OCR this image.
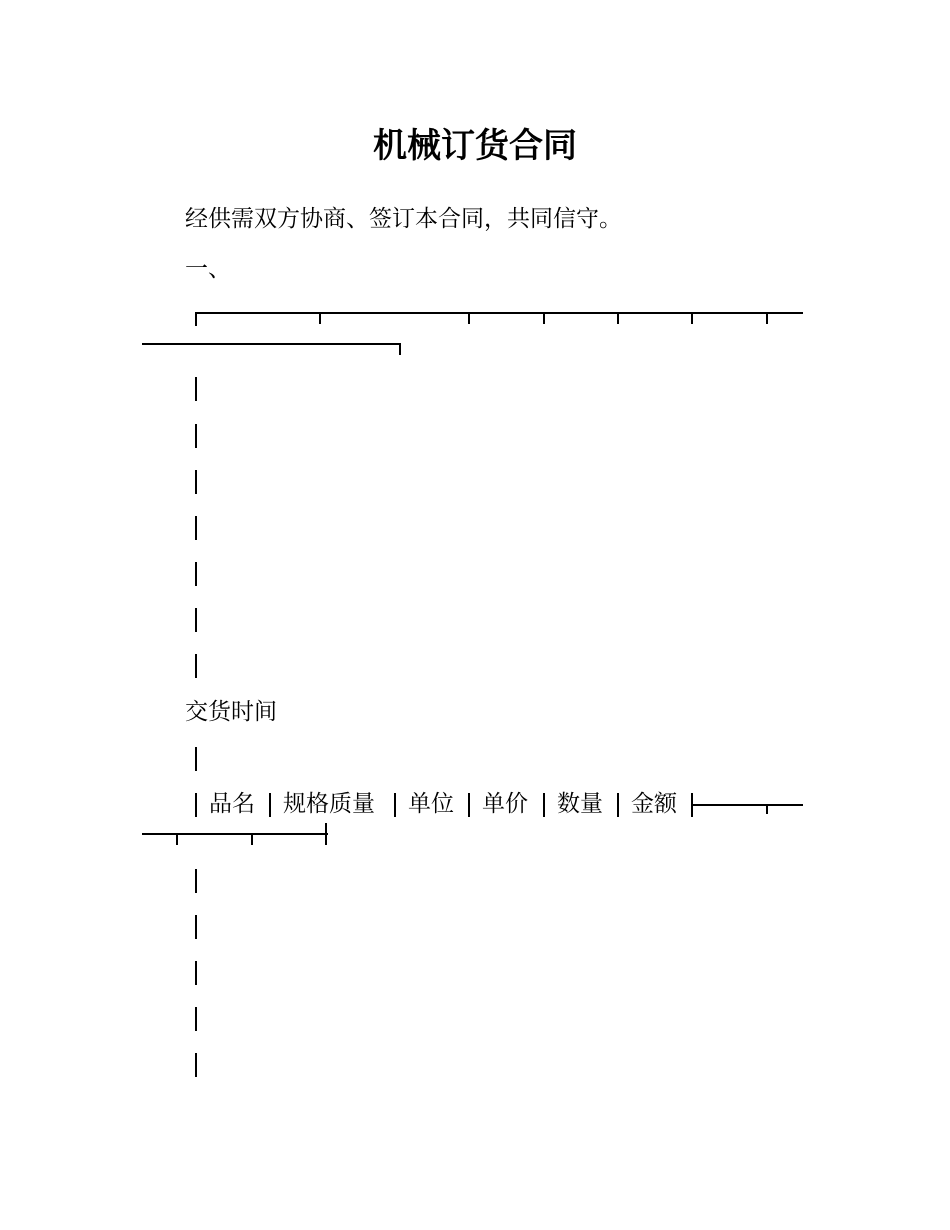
机械订货合同
经供需双方协商、签订本合同，共同信守。
一、
交货时间
品名 规格质量 单位 单价 数量 金额
